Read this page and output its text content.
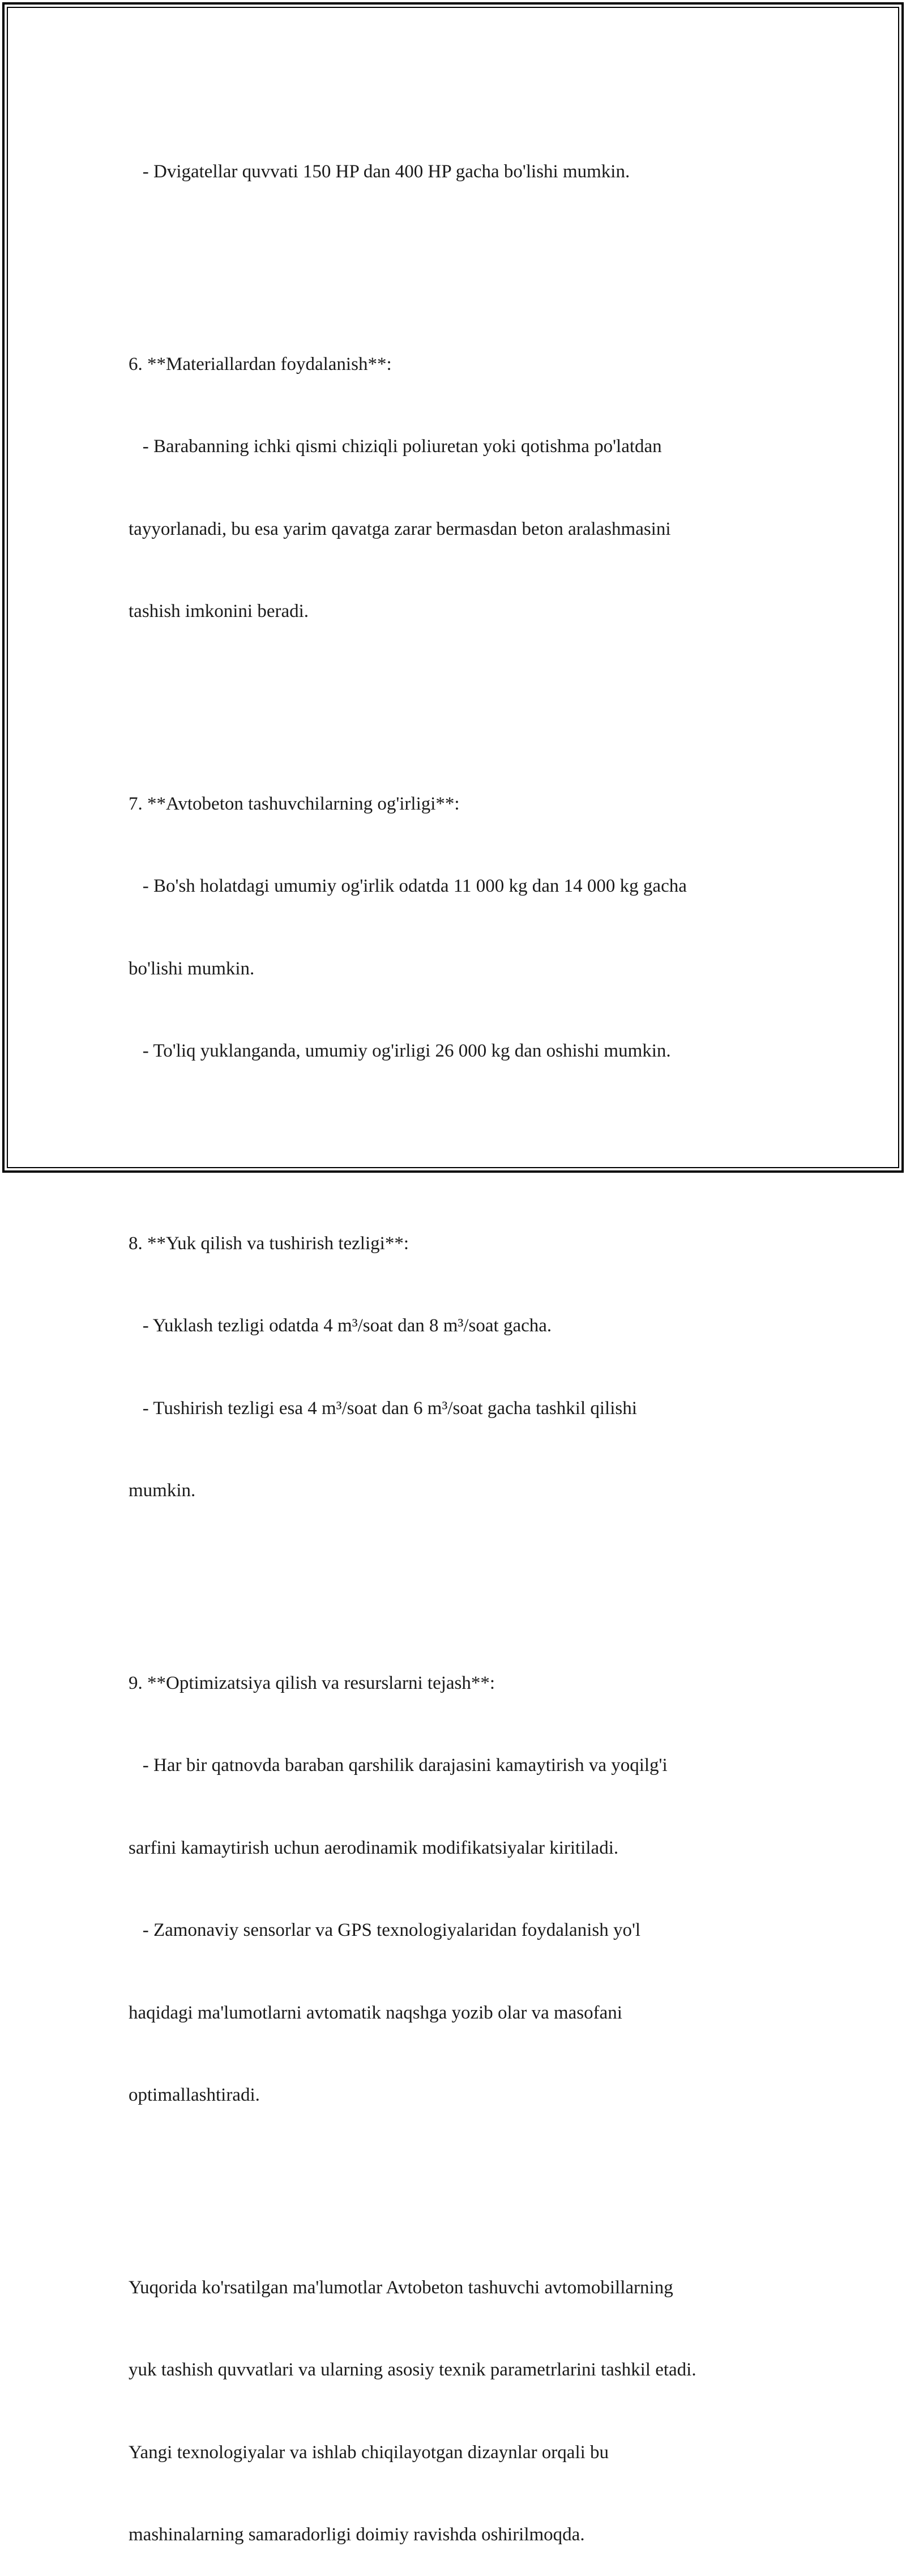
- Dvigatellar quvvati 150 HP dan 400 HP gacha bo'lishi mumkin.

6. **Materiallardan foydalanish**:

- Barabanning ichki qismi chiziqli poliuretan yoki qotishma po'latdan

tayyorlanadi, bu esa yarim qavatga zarar bermasdan beton aralashmasini

tashish imkonini beradi.

7. **Avtobeton tashuvchilarning og'irligi**:

- Bo'sh holatdagi umumiy og'irlik odatda 11 000 kg dan 14 000 kg gacha

bo'lishi mumkin.

- To'liq yuklanganda, umumiy og'irligi 26 000 kg dan oshishi mumkin.

8. **Yuk qilish va tushirish tezligi**:

- Yuklash tezligi odatda 4 m³/soat dan 8 m³/soat gacha.

- Tushirish tezligi esa 4 m³/soat dan 6 m³/soat gacha tashkil qilishi

mumkin.

9. **Optimizatsiya qilish va resurslarni tejash**:

- Har bir qatnovda baraban qarshilik darajasini kamaytirish va yoqilg'i

sarfini kamaytirish uchun aerodinamik modifikatsiyalar kiritiladi.

- Zamonaviy sensorlar va GPS texnologiyalaridan foydalanish yo'l

haqidagi ma'lumotlarni avtomatik naqshga yozib olar va masofani

optimallashtiradi.

Yuqorida ko'rsatilgan ma'lumotlar Avtobeton tashuvchi avtomobillarning

yuk tashish quvvatlari va ularning asosiy texnik parametrlarini tashkil etadi.

Yangi texnologiyalar va ishlab chiqilayotgan dizaynlar orqali bu

mashinalarning samaradorligi doimiy ravishda oshirilmoqda.
